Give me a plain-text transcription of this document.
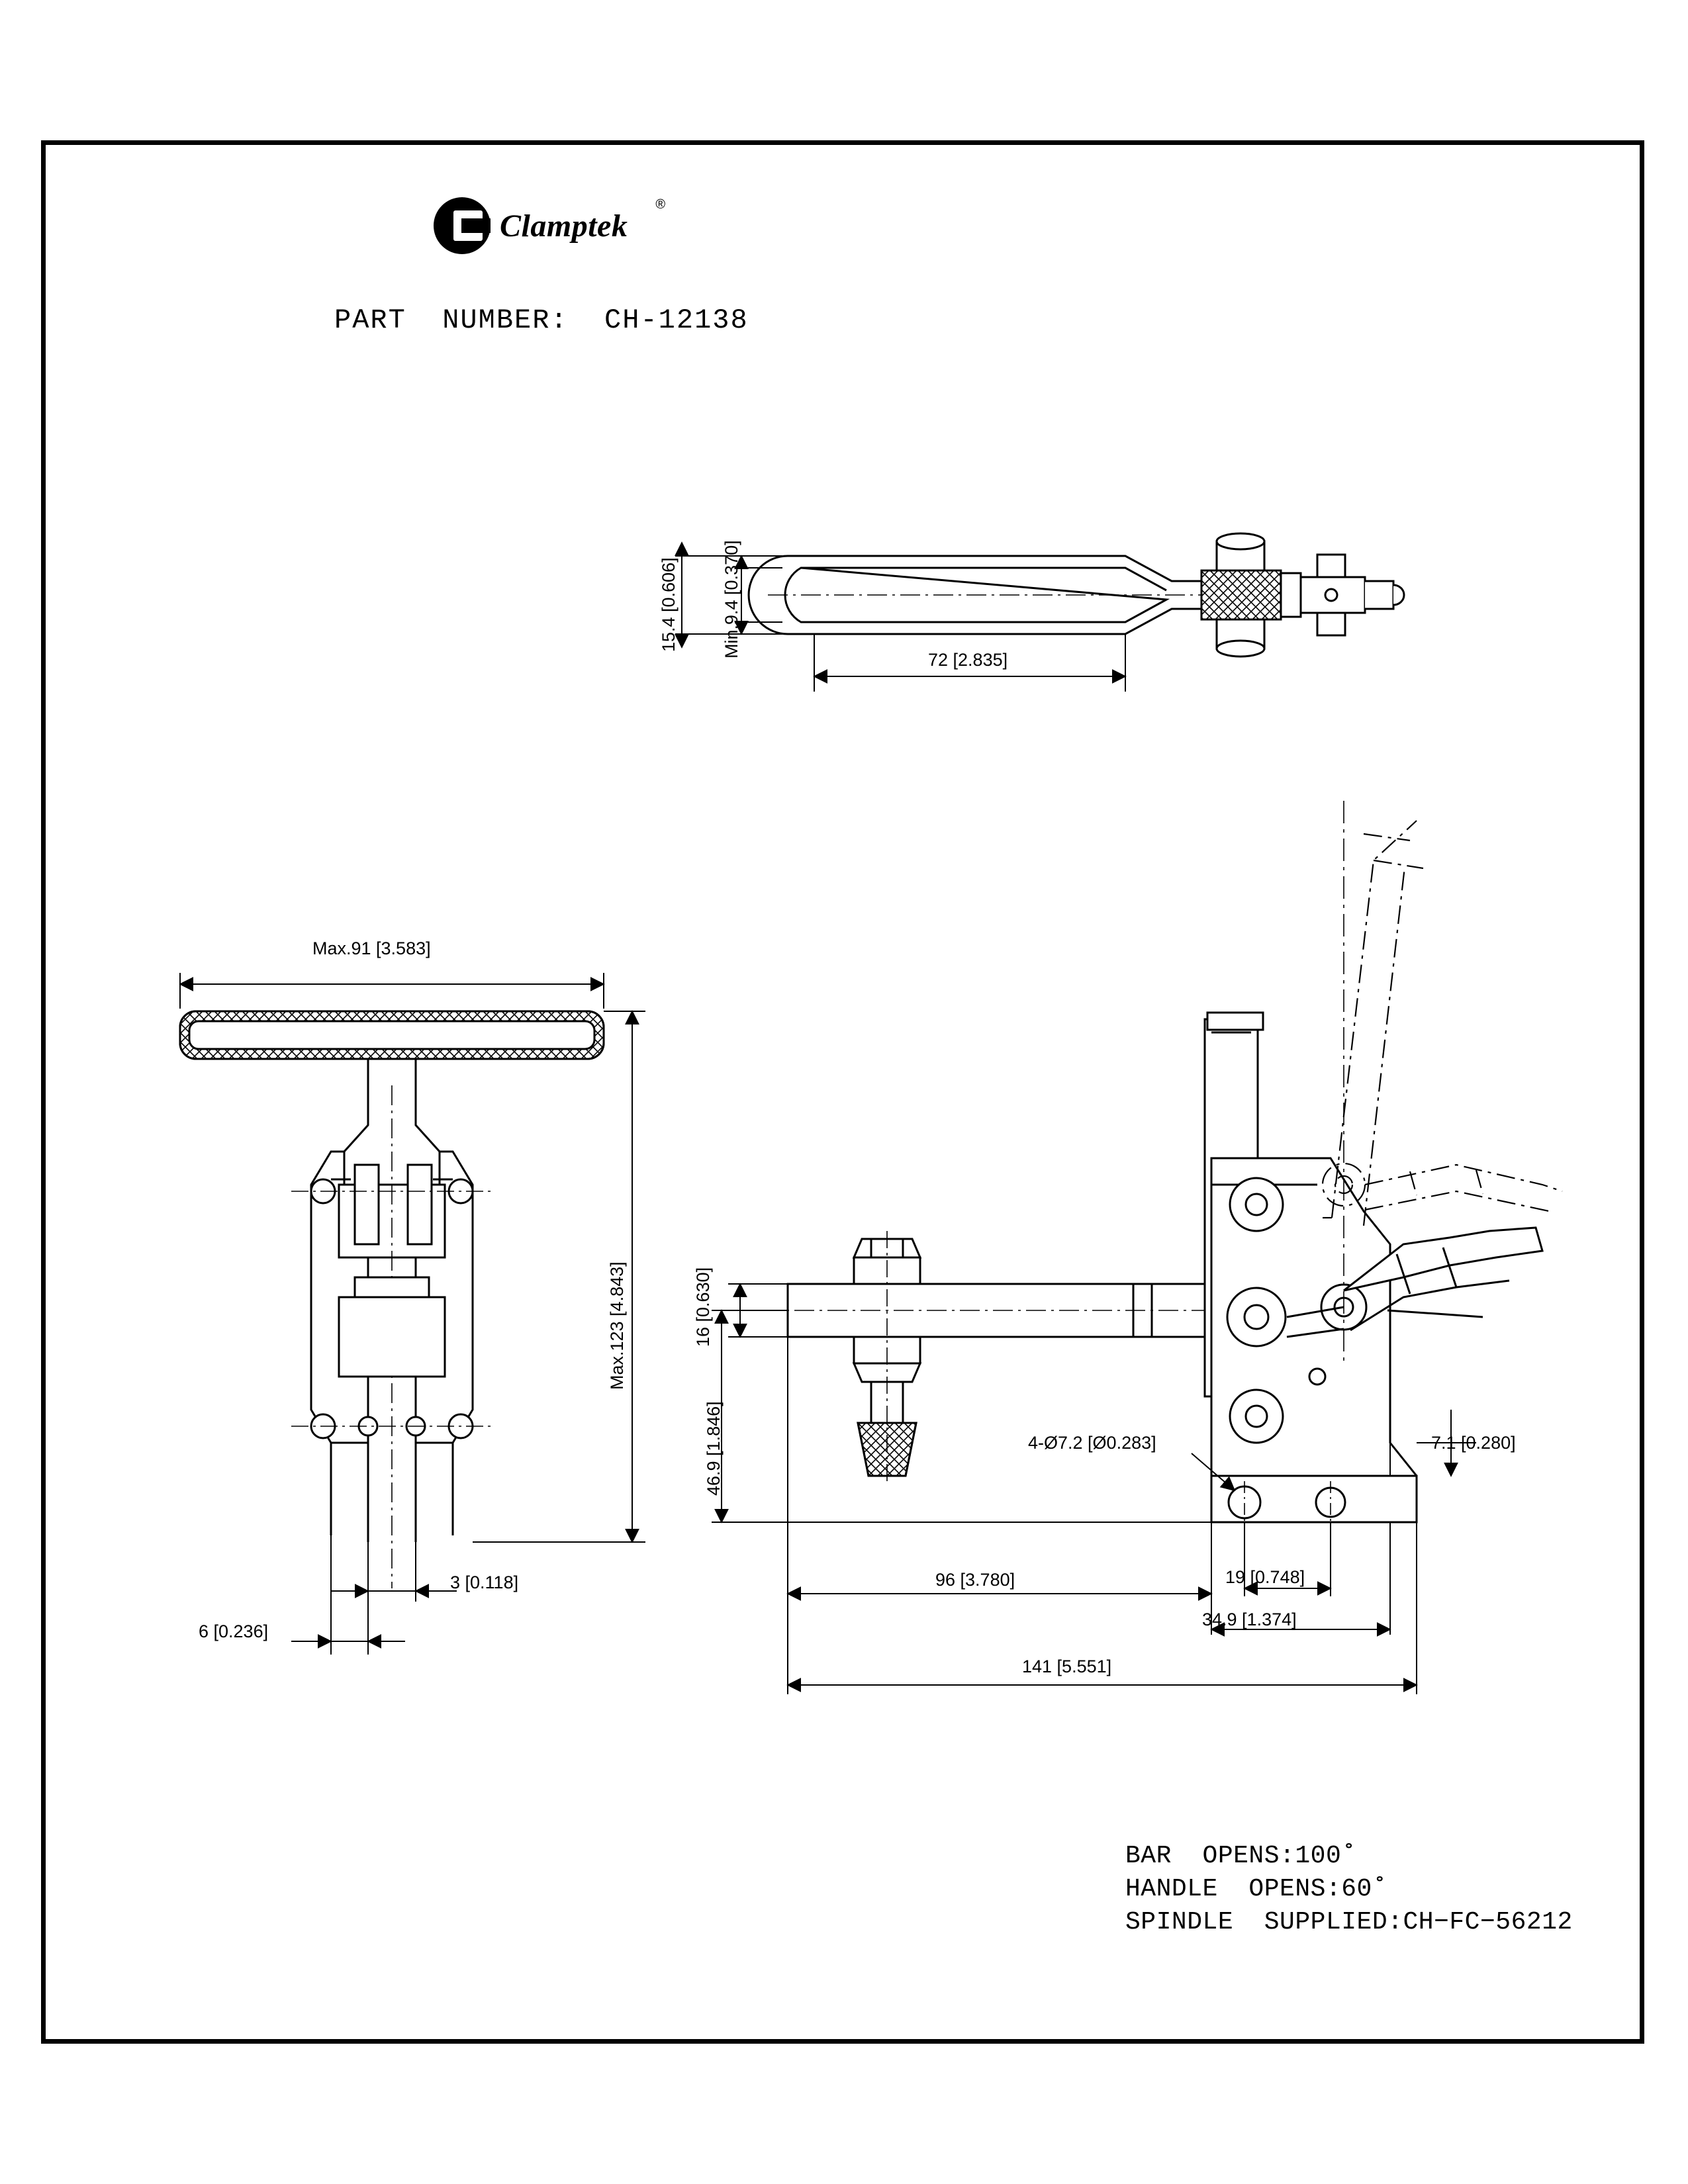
Clamptek
®
PART  NUMBER:  CH-12138
BAR  OPENS:100˚
HANDLE  OPENS:60˚
SPINDLE  SUPPLIED:CH−FC−56212
15.4 [0.606] Min.9.4 [0.370]
72 [2.835]
Max.91 [3.583]
Max.123 [4.843]
3 [0.118]
6 [0.236]
16 [0.630]
46.9 [1.846]	4-Ø7.2 [Ø0.283]	7.1 [0.280]
19 [0.748]
34.9 [1.374]
96 [3.780]
141 [5.551]
